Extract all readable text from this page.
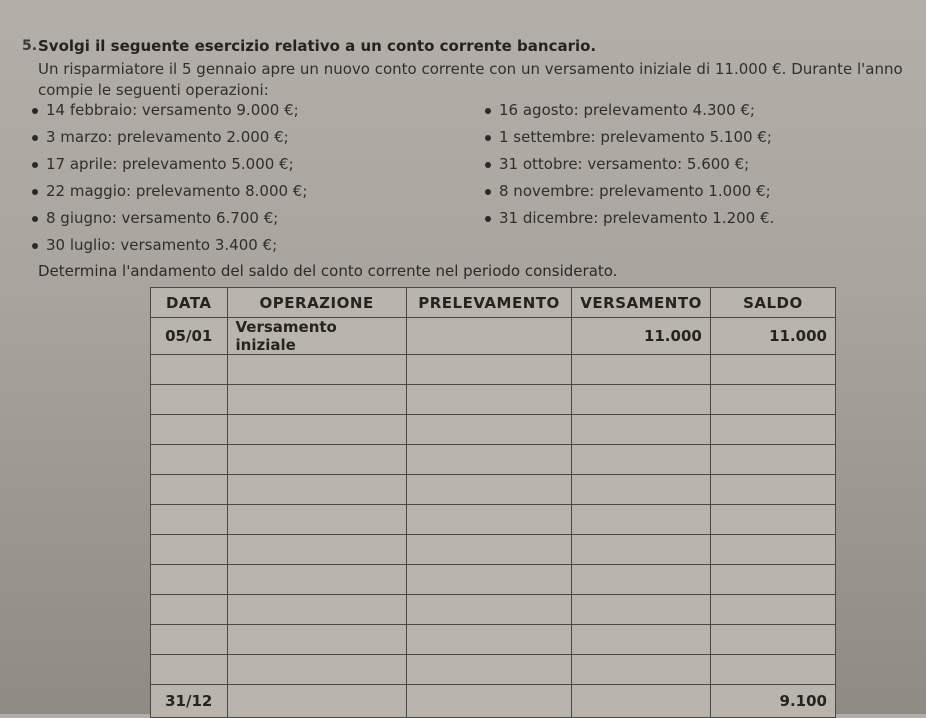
5. Svolgi il seguente esercizio relativo a un conto corrente bancario.
Un risparmiatore il 5 gennaio apre un nuovo conto corrente con un versamento iniziale di 11.000 €. Durante l'anno compie le seguenti operazioni:
14 febbraio: versamento 9.000 €;
3 marzo: prelevamento 2.000 €;
17 aprile: prelevamento 5.000 €;
22 maggio: prelevamento 8.000 €;
8 giugno: versamento 6.700 €;
30 luglio: versamento 3.400 €;
16 agosto: prelevamento 4.300 €;
1 settembre: prelevamento 5.100 €;
31 ottobre: versamento: 5.600 €;
8 novembre: prelevamento 1.000 €;
31 dicembre: prelevamento 1.200 €.
Determina l'andamento del saldo del conto corrente nel periodo considerato.
DATA	OPERAZIONE	PRELEVAMENTO	VERSAMENTO	SALDO
05/01	Versamento iniziale		11.000	11.000

31/12				9.100
